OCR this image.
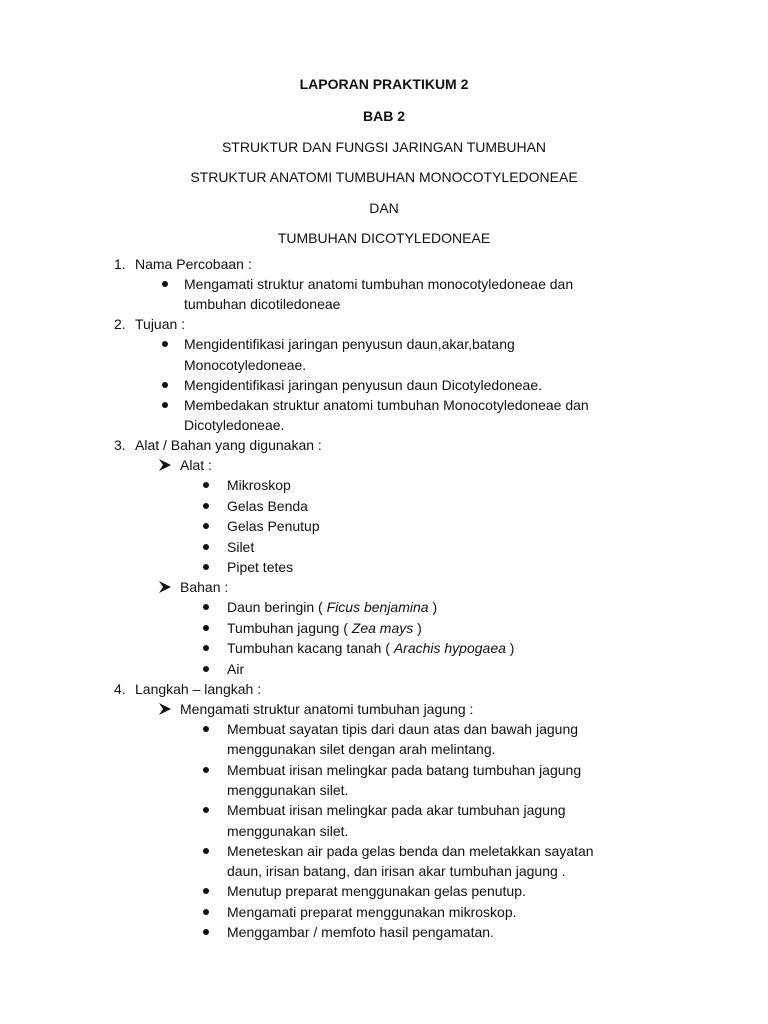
LAPORAN PRAKTIKUM 2
BAB 2
STRUKTUR DAN FUNGSI JARINGAN TUMBUHAN
STRUKTUR ANATOMI TUMBUHAN MONOCOTYLEDONEAE
DAN
TUMBUHAN DICOTYLEDONEAE
1. Nama Percobaan :
Mengamati struktur anatomi tumbuhan monocotyledoneae dan
tumbuhan dicotiledoneae
2. Tujuan :
Mengidentifikasi jaringan penyusun daun,akar,batang
Monocotyledoneae.
Mengidentifikasi jaringan penyusun daun Dicotyledoneae.
Membedakan struktur anatomi tumbuhan Monocotyledoneae dan
Dicotyledoneae.
3. Alat / Bahan yang digunakan :
Alat :
Mikroskop
Gelas Benda
Gelas Penutup
Silet
Pipet tetes
Bahan :
Daun beringin ( Ficus benjamina )
Tumbuhan jagung ( Zea mays )
Tumbuhan kacang tanah ( Arachis hypogaea )
Air
4. Langkah – langkah :
Mengamati struktur anatomi tumbuhan jagung :
Membuat sayatan tipis dari daun atas dan bawah jagung
menggunakan silet dengan arah melintang.
Membuat irisan melingkar pada batang tumbuhan jagung
menggunakan silet.
Membuat irisan melingkar pada akar tumbuhan jagung
menggunakan silet.
Meneteskan air pada gelas benda dan meletakkan sayatan
daun, irisan batang, dan irisan akar tumbuhan jagung .
Menutup preparat menggunakan gelas penutup.
Mengamati preparat menggunakan mikroskop.
Menggambar / memfoto hasil pengamatan.
